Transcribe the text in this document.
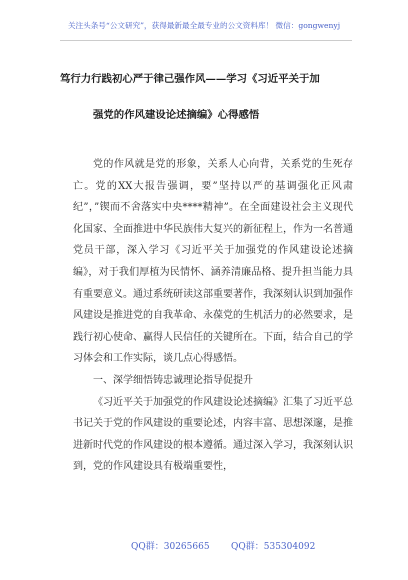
关注头条号“公文研究”，获得最新最全最专业的公文资料库！ 微信：gongwenyj
笃行力行践初心严于律己强作风——学习《习近平关于加
强党的作风建设论述摘编》心得感悟

党的作风就是党的形象，关系人心向背，关系党的生死存亡。党的XX大报告强调，要”坚持以严的基调强化正风肃纪”，”锲而不舍落实中央****精神”。在全面建设社会主义现代化国家、全面推进中华民族伟大复兴的新征程上，作为一名普通党员干部，深入学习《习近平关于加强党的作风建设论述摘编》，对于我们厚植为民情怀、涵养清廉品格、提升担当能力具有重要意义。通过系统研读这部重要著作，我深刻认识到加强作风建设是推进党的自我革命、永葆党的生机活力的必然要求，是践行初心使命、赢得人民信任的关键所在。下面，结合自己的学习体会和工作实际，谈几点心得感悟。

一、深学细悟铸忠诚理论指导促提升

《习近平关于加强党的作风建设论述摘编》汇集了习近平总书记关于党的作风建设的重要论述，内容丰富、思想深邃，是推进新时代党的作风建设的根本遵循。通过深入学习，我深刻认识到，党的作风建设具有极端重要性，

QQ群：30265665 QQ群：535304092
